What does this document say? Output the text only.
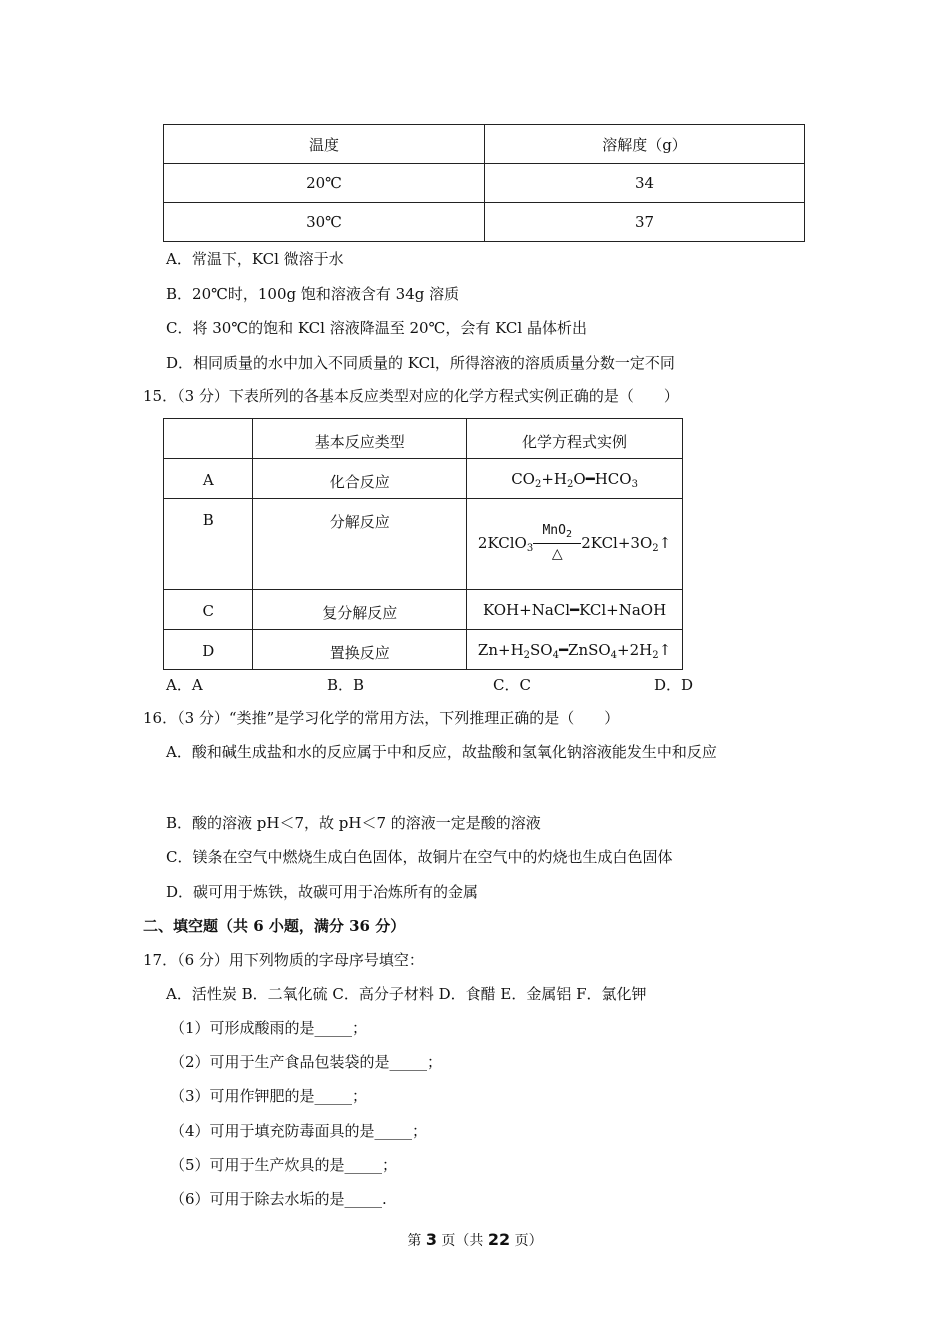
温度	溶解度（g）
20℃	34
30℃	37
A．常温下，KCl 微溶于水
B．20℃时，100g 饱和溶液含有 34g 溶质
C．将 30℃的饱和 KCl 溶液降温至 20℃，会有 KCl 晶体析出
D．相同质量的水中加入不同质量的 KCl，所得溶液的溶质质量分数一定不同
15．（3 分）下表所列的各基本反应类型对应的化学方程式实例正确的是（　　）
	基本反应类型	化学方程式实例
A	化合反应	$CO_2+H_2O━HCO_3$
B	分解反应	2KClO$_3$
MnO$_2$
△
$2KCl+3O_2↑$
C	复分解反应	KOH+NaCl━KCl+NaOH
D	置换反应	$Zn+H_2SO_4━ZnSO_4+2H_2↑$
A．A	B．B	C．C	D．D
16．（3 分）“类推”是学习化学的常用方法，下列推理正确的是（　　）
A．酸和碱生成盐和水的反应属于中和反应，故盐酸和氢氧化钠溶液能发生中和反应
B．酸的溶液 pH＜7，故 pH＜7 的溶液一定是酸的溶液
C．镁条在空气中燃烧生成白色固体，故铜片在空气中的灼烧也生成白色固体
D．碳可用于炼铁，故碳可用于冶炼所有的金属
二、填空题（共 6 小题，满分 36 分）
17．（6 分）用下列物质的字母序号填空：
A．活性炭 B．二氧化硫 C．高分子材料 D．食醋 E．金属铝 F．氯化钾
（1）可形成酸雨的是_____；
（2）可用于生产食品包装袋的是_____；
（3）可用作钾肥的是_____；
（4）可用于填充防毒面具的是_____；
（5）可用于生产炊具的是_____；
（6）可用于除去水垢的是_____.
第 3 页（共 22 页）
